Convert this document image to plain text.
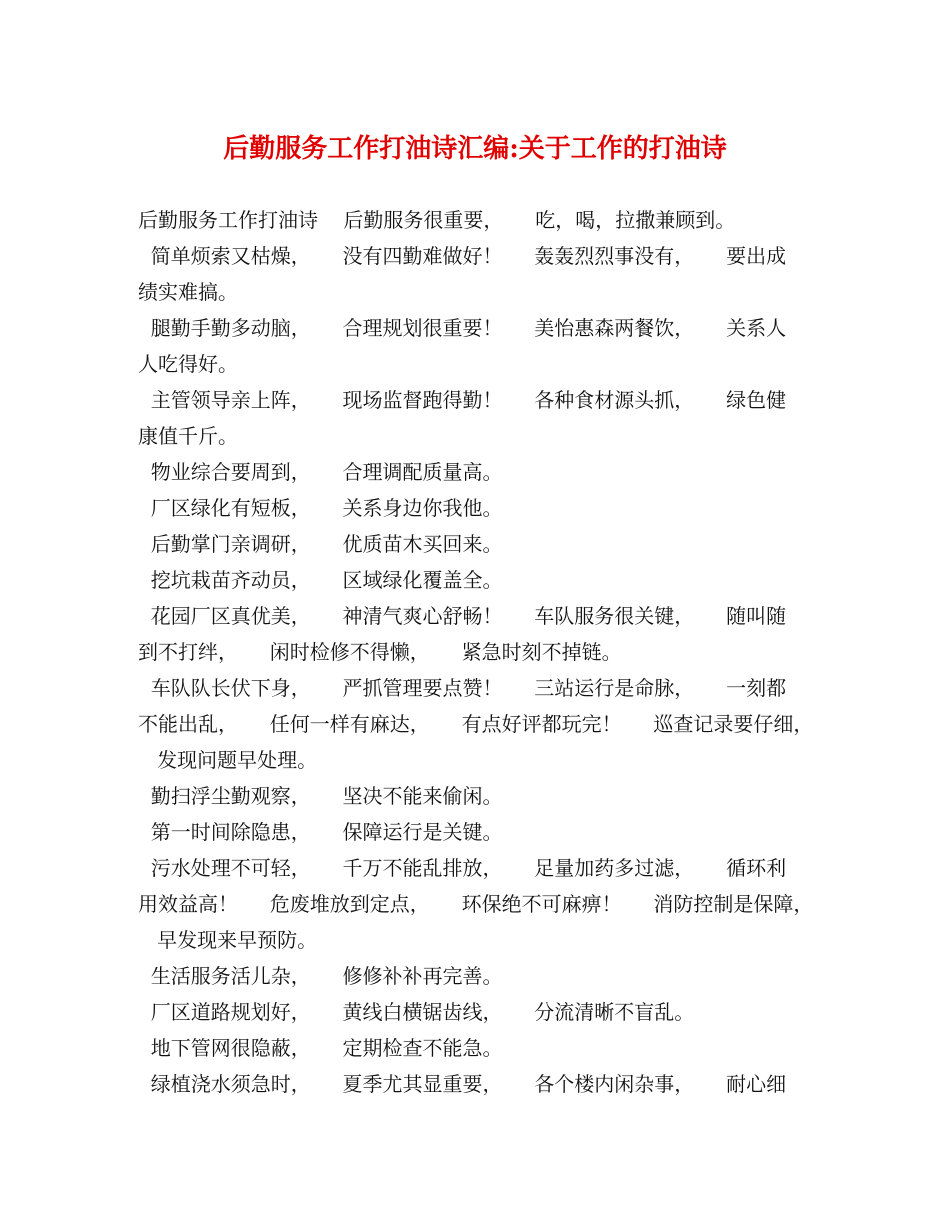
后勤服务工作打油诗汇编:关于工作的打油诗
后勤服务工作打油诗    后勤服务很重要，     吃，喝，拉撒兼顾到。
简单烦索又枯燥，     没有四勤难做好！     轰轰烈烈事没有，     要出成
绩实难搞。
腿勤手勤多动脑，     合理规划很重要！     美怡惠森两餐饮，     关系人
人吃得好。
主管领导亲上阵，     现场监督跑得勤！     各种食材源头抓，     绿色健
康值千斤。
物业综合要周到，     合理调配质量高。
厂区绿化有短板，     关系身边你我他。
后勤掌门亲调研，     优质苗木买回来。
挖坑栽苗齐动员，     区域绿化覆盖全。
花园厂区真优美，     神清气爽心舒畅！     车队服务很关键，     随叫随
到不打绊，     闲时检修不得懒，     紧急时刻不掉链。
车队队长伏下身，     严抓管理要点赞！     三站运行是命脉，     一刻都
不能出乱，     任何一样有麻达，     有点好评都玩完！     巡查记录要仔细，
发现问题早处理。
勤扫浮尘勤观察，     坚决不能来偷闲。
第一时间除隐患，     保障运行是关键。
污水处理不可轻，     千万不能乱排放，     足量加药多过滤，     循环利
用效益高！     危废堆放到定点，     环保绝不可麻痹！     消防控制是保障，
早发现来早预防。
生活服务活儿杂，     修修补补再完善。
厂区道路规划好，     黄线白横锯齿线，     分流清晰不盲乱。
地下管网很隐蔽，     定期检查不能急。
绿植浇水须急时，     夏季尤其显重要，     各个楼内闲杂事，     耐心细
